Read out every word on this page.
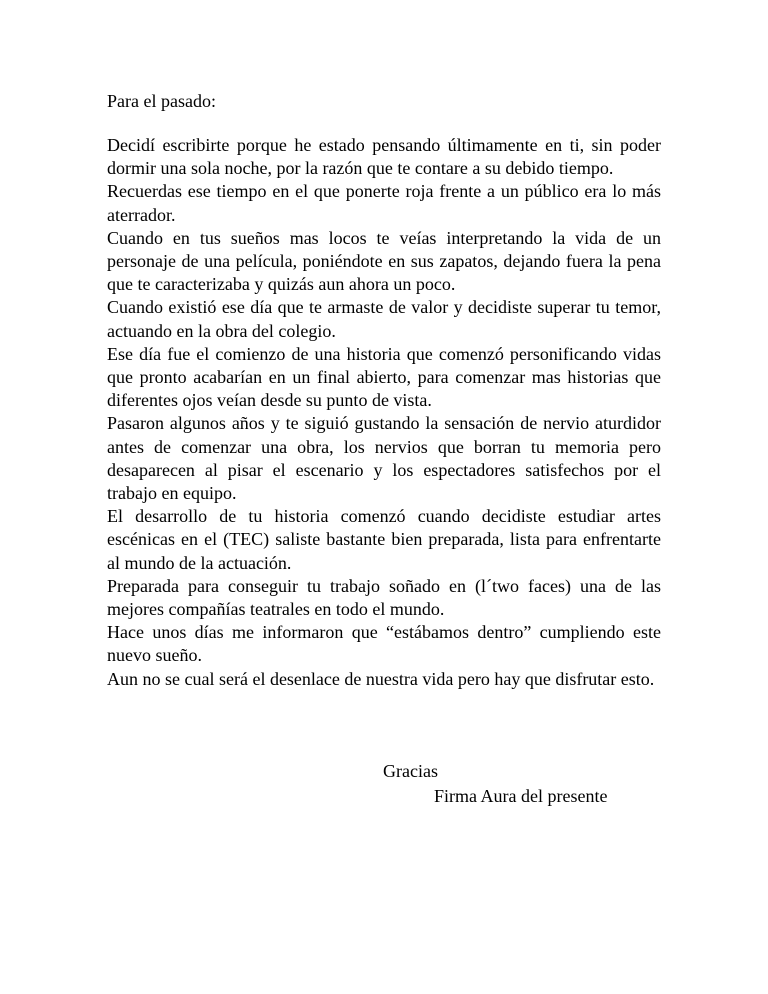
Para el pasado:

Decidí escribirte porque he estado pensando últimamente en ti, sin poder dormir una sola noche, por la razón que te contare a su debido tiempo.

Recuerdas ese tiempo en el que ponerte roja frente a un público era lo más aterrador.

Cuando en tus sueños mas locos te veías interpretando la vida de un personaje de una película, poniéndote en sus zapatos, dejando fuera la pena que te caracterizaba y quizás aun ahora un poco.

Cuando existió ese día que te armaste de valor y decidiste superar tu temor, actuando en la obra del colegio.

Ese día fue el comienzo de una historia que comenzó personificando vidas que pronto acabarían en un final abierto, para comenzar mas historias que diferentes ojos veían desde su punto de vista.

Pasaron algunos años y te siguió gustando la sensación de nervio aturdidor antes de comenzar una obra, los nervios que borran tu memoria pero desaparecen al pisar el escenario y los espectadores satisfechos por el trabajo en equipo.

El desarrollo de tu historia comenzó cuando decidiste estudiar artes escénicas en el (TEC) saliste bastante bien preparada, lista para enfrentarte al mundo de la actuación.

Preparada para conseguir tu trabajo soñado en (l´two faces) una de las mejores compañías teatrales en todo el mundo.

Hace unos días me informaron que “estábamos dentro” cumpliendo este nuevo sueño.

Aun no se cual será el desenlace de nuestra vida pero hay que disfrutar esto.

Gracias
Firma Aura del presente
